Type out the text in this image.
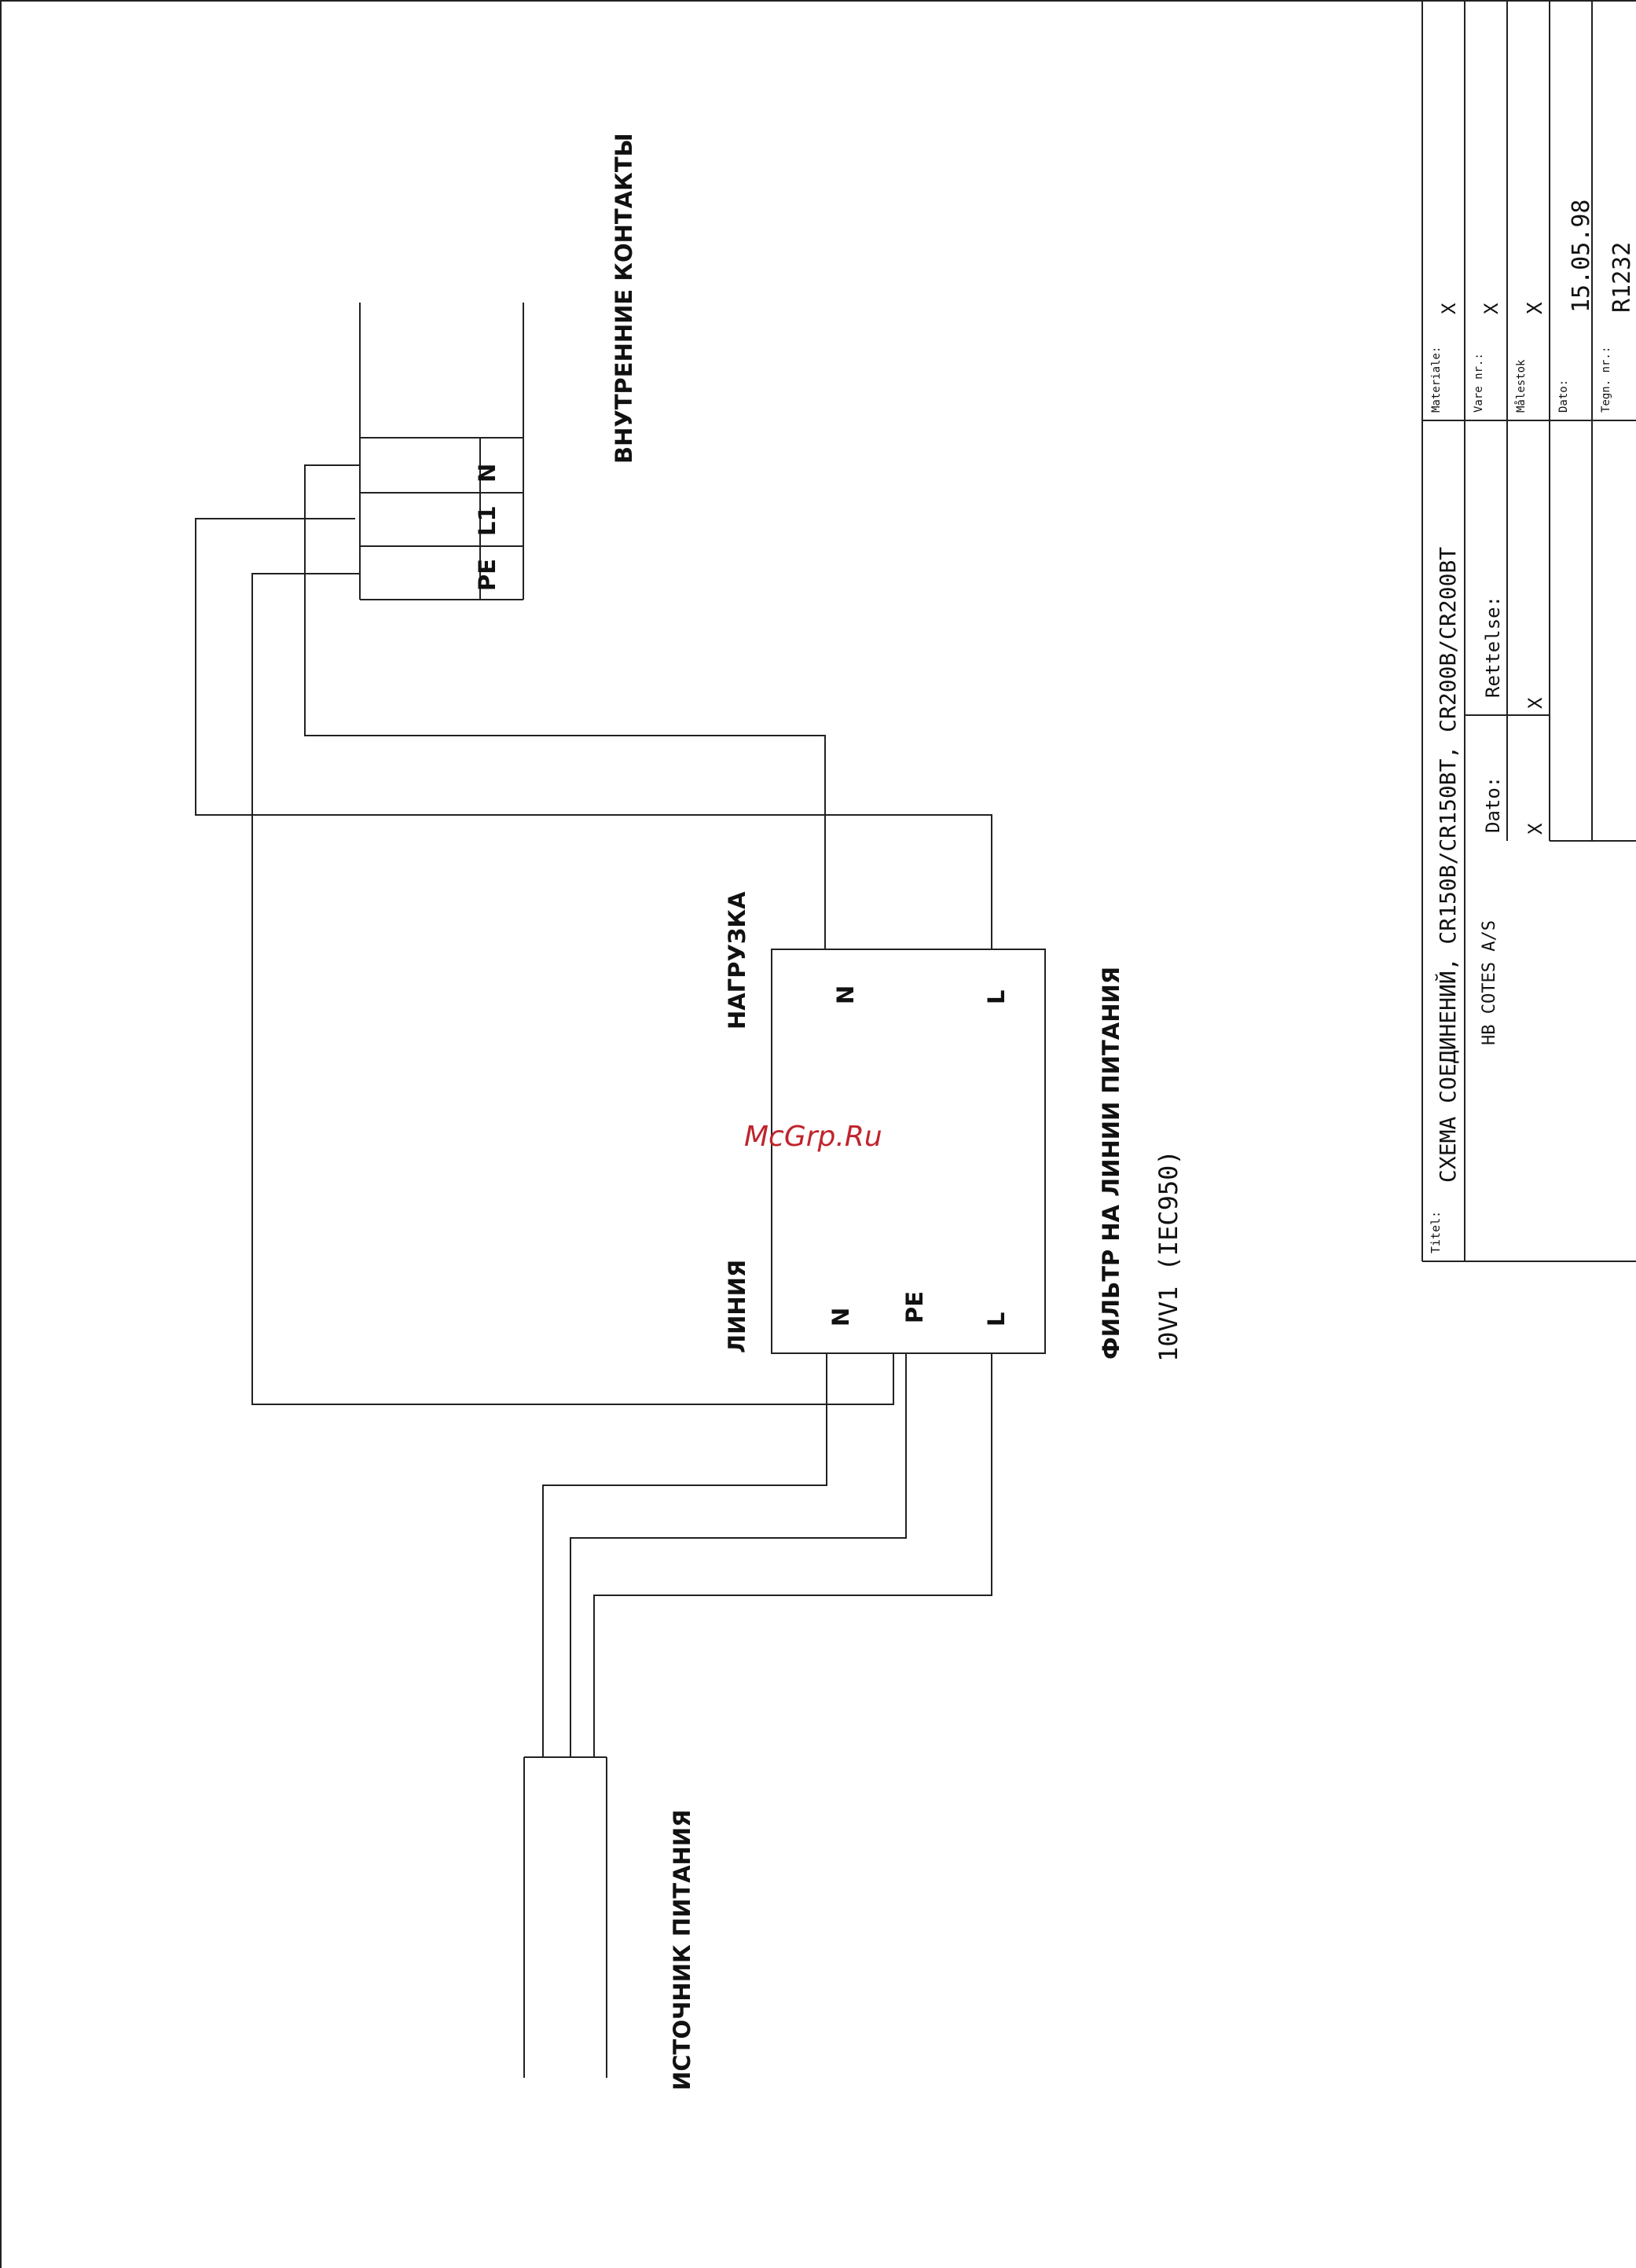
Titel:
СХЕМА СОЕДИНЕНИЙ, CR150B/CR150BT, CR200B/CR200BT HB COTES A/S
Dato: X
Rettelse:
X
Materiale:
X
Vare nr.:
X
Målestok
X
Dato:
15.05.98
Tegn. nr.:
R1232
N
L1
PE
ВНУТРЕННИЕ КОНТАКТЫ
НАГРУЗКА
ЛИНИЯ
N	L
N PE L	ФИЛЬТР НА ЛИНИИ ПИТАНИЯ 10VV1 (IEC950)
ИСТОЧНИК ПИТАНИЯ
McGrp.Ru
